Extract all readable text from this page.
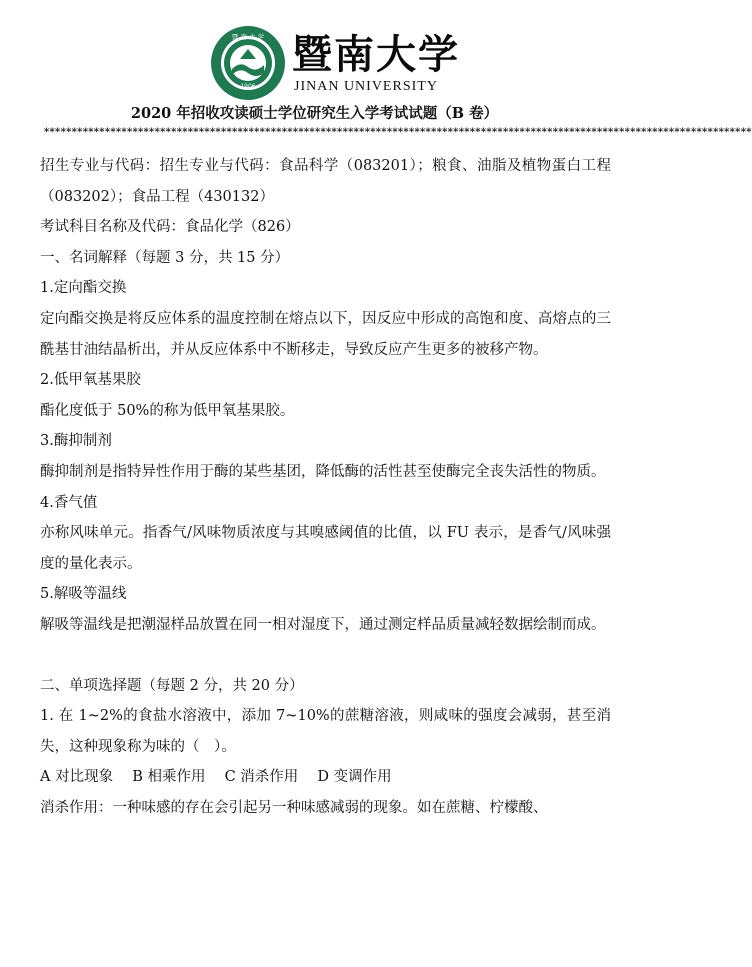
1906
暨 南 大 学 暨南大学
JINAN UNIVERSITY
2020 年招收攻读硕士学位研究生入学考试试题（B 卷）
********************************************************************************************************************************

招生专业与代码：招生专业与代码：食品科学（083201）；粮食、油脂及植物蛋白工程（083202）；食品工程（430132）

考试科目名称及代码：食品化学（826）

一、名词解释（每题 3 分，共 15 分）

1.定向酯交换

定向酯交换是将反应体系的温度控制在熔点以下，因反应中形成的高饱和度、高熔点的三酰基甘油结晶析出，并从反应体系中不断移走，导致反应产生更多的被移产物。

2.低甲氧基果胶

酯化度低于 50%的称为低甲氧基果胶。

3.酶抑制剂

酶抑制剂是指特异性作用于酶的某些基团，降低酶的活性甚至使酶完全丧失活性的物质。

4.香气值

亦称风味单元。指香气/风味物质浓度与其嗅感阈值的比值，以 FU 表示，是香气/风味强度的量化表示。

5.解吸等温线

解吸等温线是把潮湿样品放置在同一相对湿度下，通过测定样品质量减轻数据绘制而成。

二、单项选择题（每题 2 分，共 20 分）

1. 在 1~2%的食盐水溶液中，添加 7~10%的蔗糖溶液，则咸味的强度会减弱，甚至消失，这种现象称为味的（　）。

A 对比现象　 B 相乘作用　 C 消杀作用　 D 变调作用

消杀作用：一种味感的存在会引起另一种味感减弱的现象。如在蔗糖、柠檬酸、
